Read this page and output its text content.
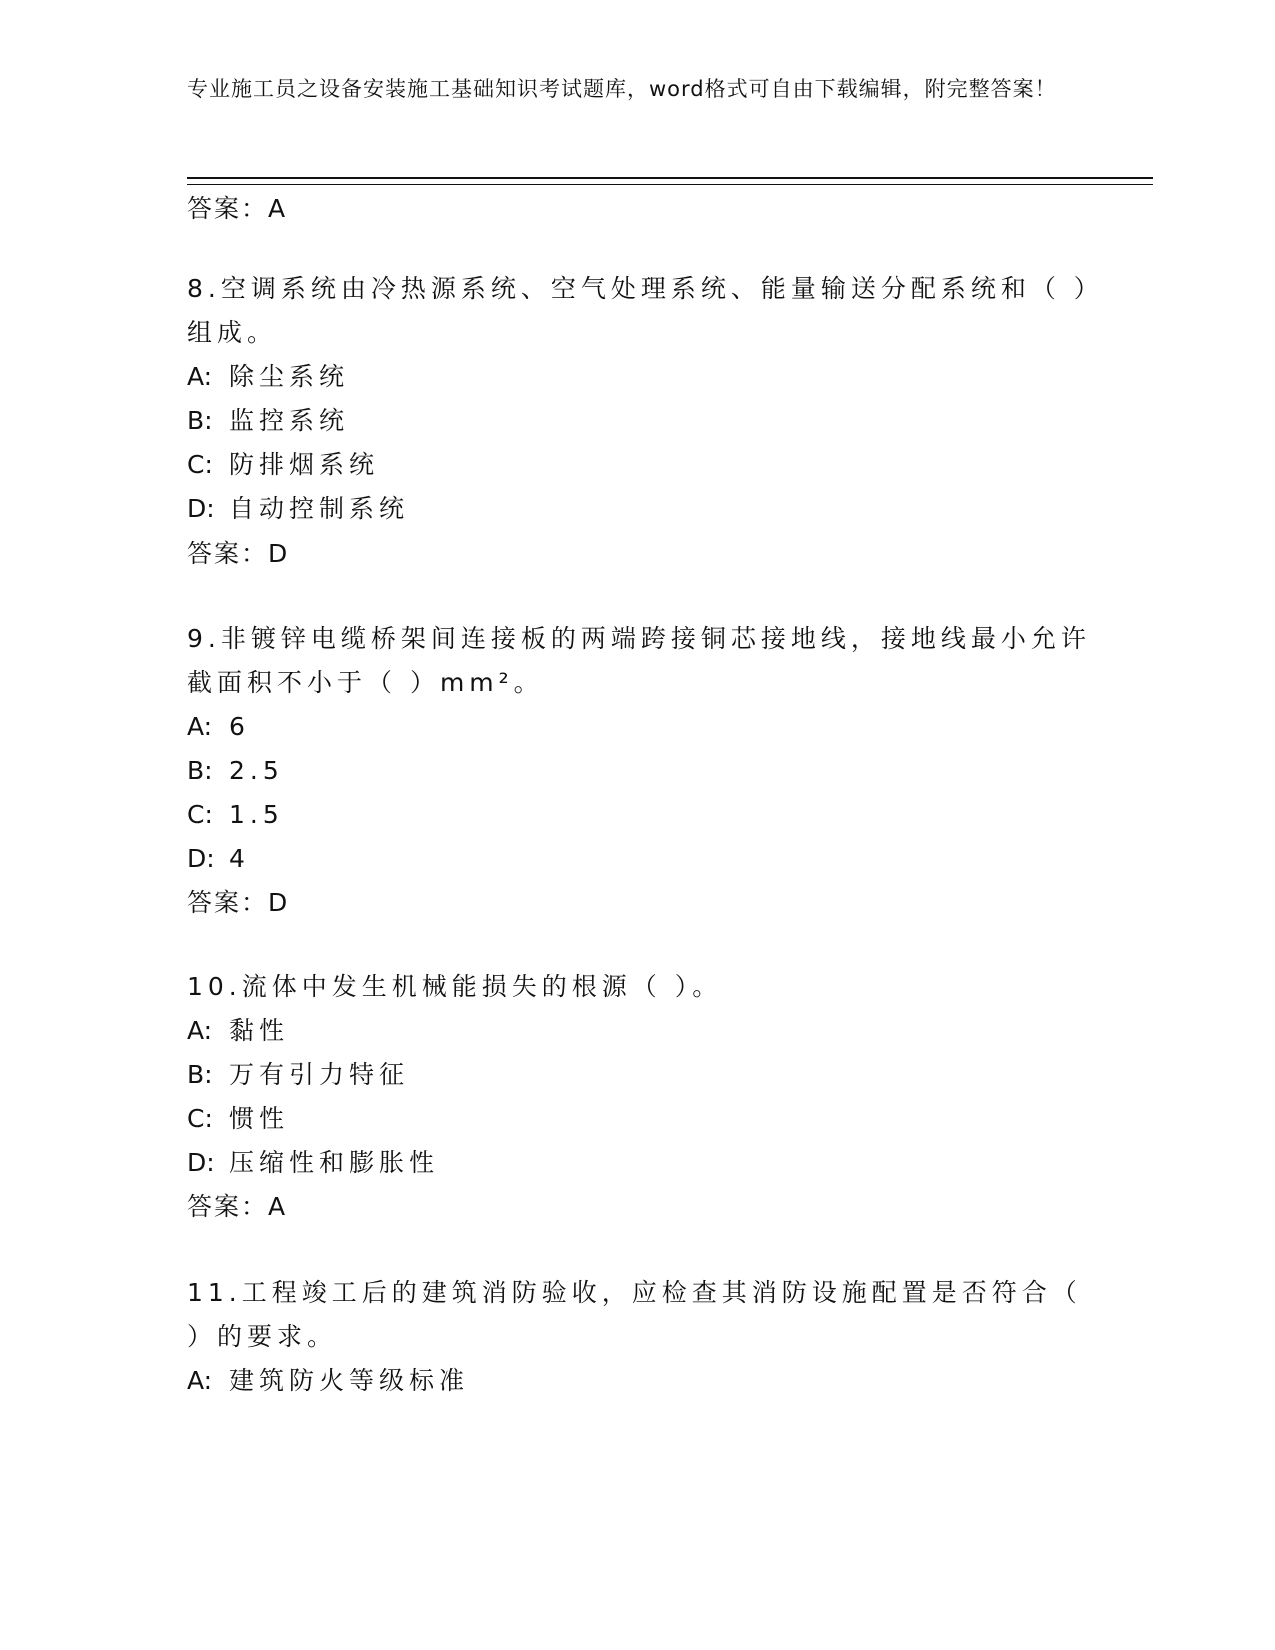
专业施工员之设备安装施工基础知识考试题库，word格式可自由下载编辑，附完整答案！
答案：A
8.空调系统由冷热源系统、空气处理系统、能量输送分配系统和（ ）
组成。
A: 除尘系统
B: 监控系统
C: 防排烟系统
D: 自动控制系统
答案：D
9.非镀锌电缆桥架间连接板的两端跨接铜芯接地线，接地线最小允许
截面积不小于（ ）mm²。
A: 6
B: 2.5
C: 1.5
D: 4
答案：D
10.流体中发生机械能损失的根源（ ）。
A: 黏性
B: 万有引力特征
C: 惯性
D: 压缩性和膨胀性
答案：A
11.工程竣工后的建筑消防验收，应检查其消防设施配置是否符合（
）的要求。
A: 建筑防火等级标准
